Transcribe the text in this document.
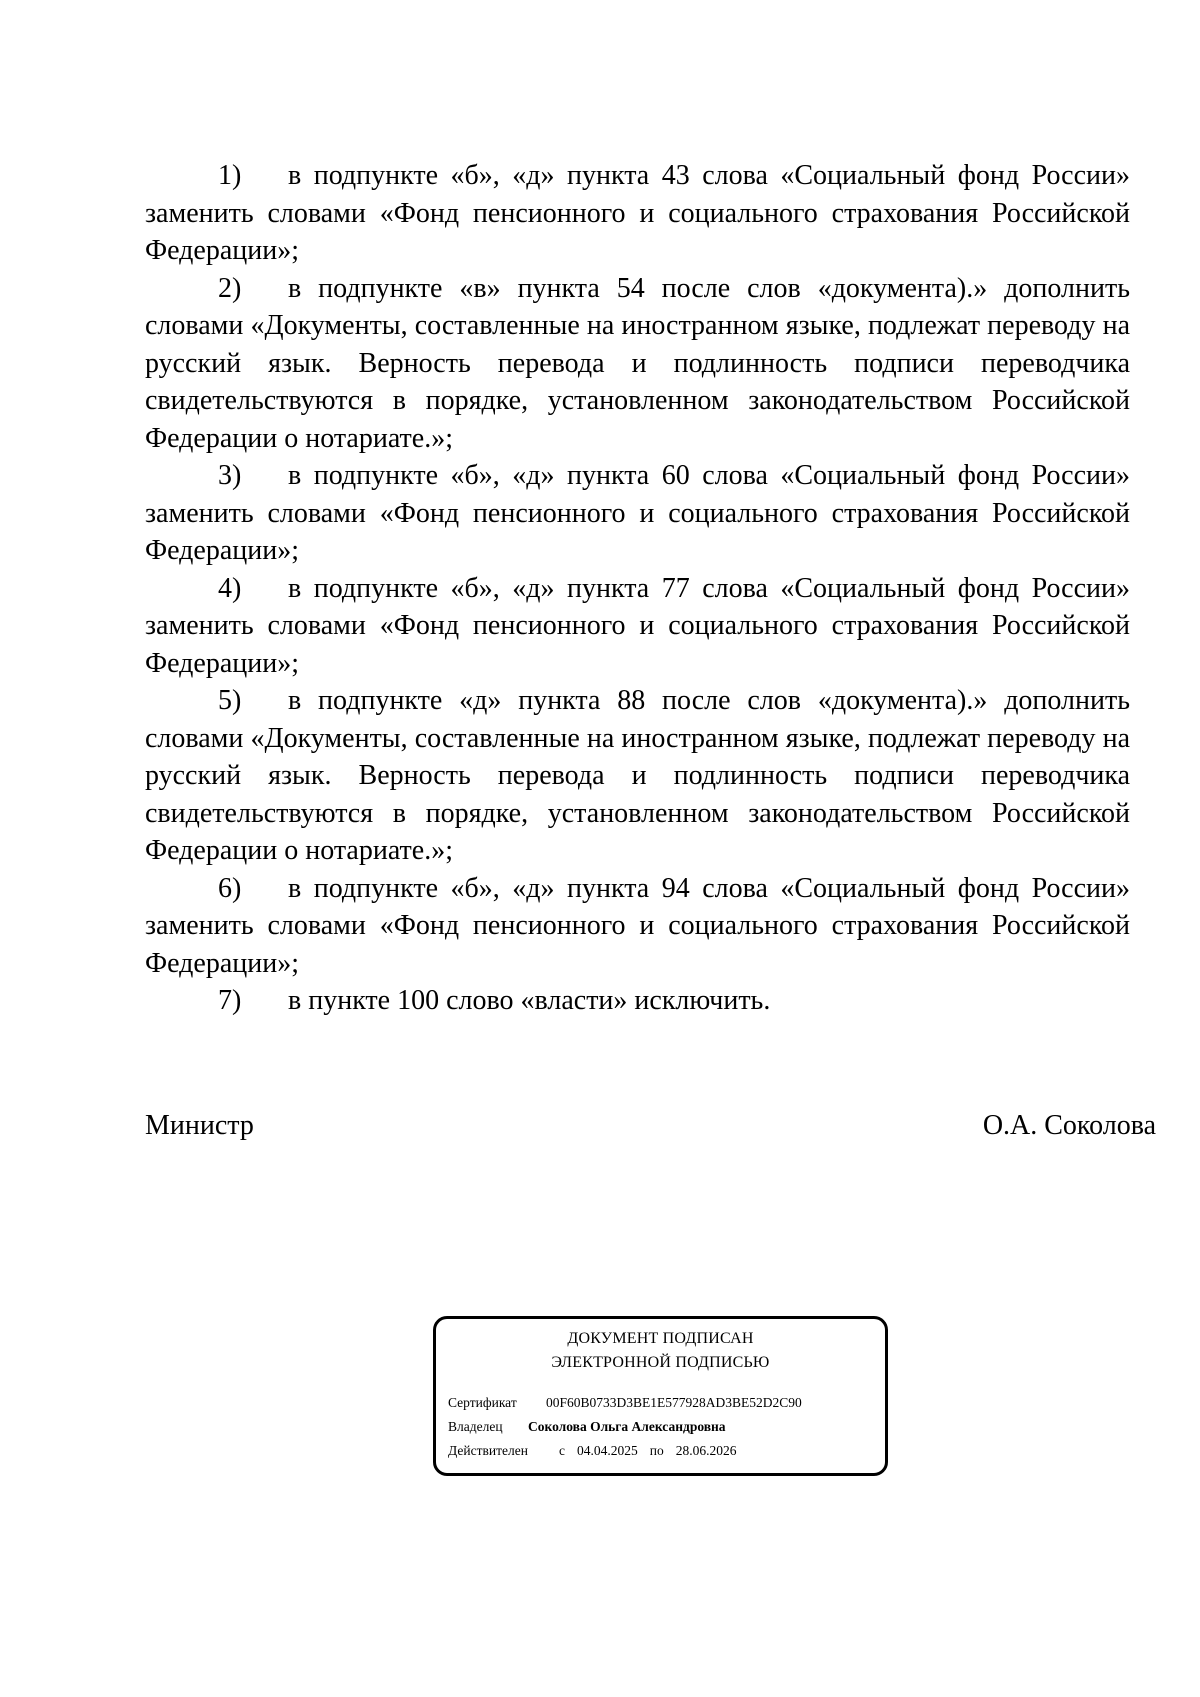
1) в подпункте «б», «д» пункта 43 слова «Социальный фонд России» заменить словами «Фонд пенсионного и социального страхования Российской Федерации»;

2) в подпункте «в» пункта 54 после слов «документа).» дополнить словами «Документы, составленные на иностранном языке, подлежат переводу на русский язык. Верность перевода и подлинность подписи переводчика свидетельствуются в порядке, установленном законодательством Российской Федерации о нотариате.»;

3) в подпункте «б», «д» пункта 60 слова «Социальный фонд России» заменить словами «Фонд пенсионного и социального страхования Российской Федерации»;

4) в подпункте «б», «д» пункта 77 слова «Социальный фонд России» заменить словами «Фонд пенсионного и социального страхования Российской Федерации»;

5) в подпункте «д» пункта 88 после слов «документа).» дополнить словами «Документы, составленные на иностранном языке, подлежат переводу на русский язык. Верность перевода и подлинность подписи переводчика свидетельствуются в порядке, установленном законодательством Российской Федерации о нотариате.»;

6) в подпункте «б», «д» пункта 94 слова «Социальный фонд России» заменить словами «Фонд пенсионного и социального страхования Российской Федерации»;

7) в пункте 100 слово «власти» исключить.

Министр	О.А. Соколова
ДОКУМЕНТ ПОДПИСАН
ЭЛЕКТРОННОЙ ПОДПИСЬЮ
Сертификат	00F60B0733D3BE1E577928AD3BE52D2C90
Владелец	Соколова Ольга Александровна
Действителен	с 04.04.2025 по 28.06.2026
